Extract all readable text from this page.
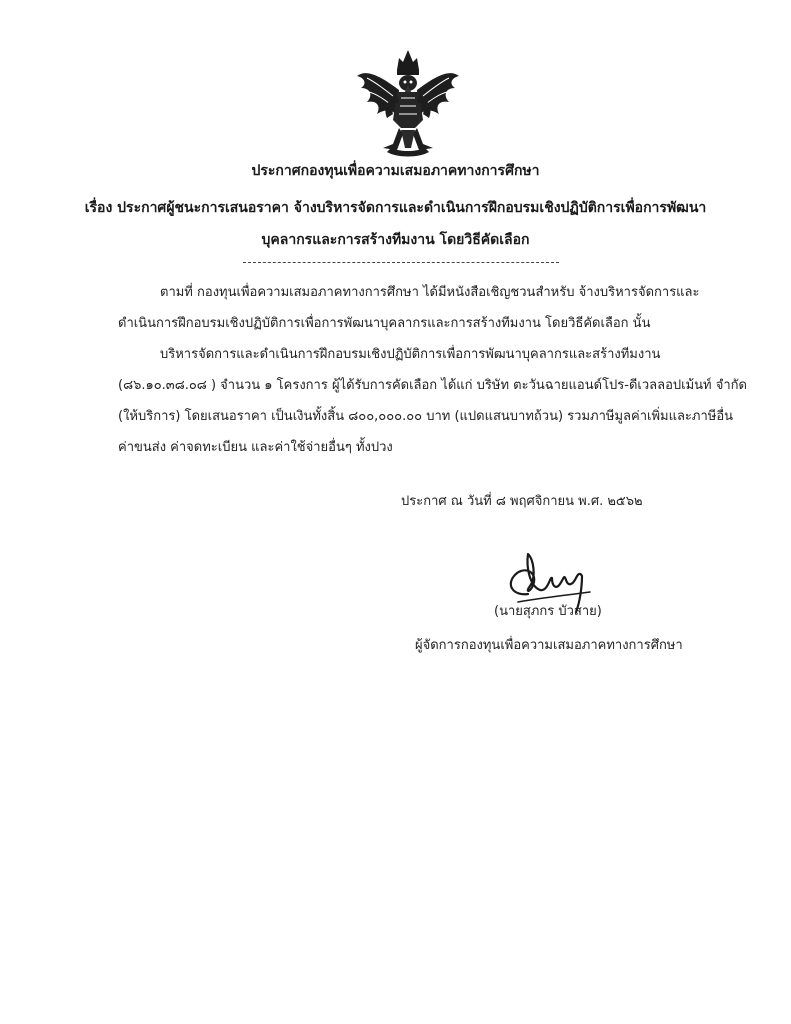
ประกาศกองทุนเพื่อความเสมอภาคทางการศึกษา
เรื่อง ประกาศผู้ชนะการเสนอราคา จ้างบริหารจัดการและดำเนินการฝึกอบรมเชิงปฏิบัติการเพื่อการพัฒนา
บุคลากรและการสร้างทีมงาน โดยวิธีคัดเลือก
ตามที่ กองทุนเพื่อความเสมอภาคทางการศึกษา ได้มีหนังสือเชิญชวนสำหรับ จ้างบริหารจัดการและ
ดำเนินการฝึกอบรมเชิงปฏิบัติการเพื่อการพัฒนาบุคลากรและการสร้างทีมงาน โดยวิธีคัดเลือก นั้น
บริหารจัดการและดำเนินการฝึกอบรมเชิงปฏิบัติการเพื่อการพัฒนาบุคลากรและสร้างทีมงาน
(๘๖.๑๐.๓๘.๐๘ ) จำนวน ๑ โครงการ ผู้ได้รับการคัดเลือก ได้แก่ บริษัท ตะวันฉายแอนด์โปร-ดีเวลลอปเม้นท์ จำกัด
(ให้บริการ) โดยเสนอราคา เป็นเงินทั้งสิ้น ๘๐๐,๐๐๐.๐๐ บาท (แปดแสนบาทถ้วน) รวมภาษีมูลค่าเพิ่มและภาษีอื่น
ค่าขนส่ง ค่าจดทะเบียน และค่าใช้จ่ายอื่นๆ ทั้งปวง
ประกาศ ณ วันที่ ๘ พฤศจิกายน พ.ศ. ๒๕๖๒
(นายสุภกร บัวสาย)
ผู้จัดการกองทุนเพื่อความเสมอภาคทางการศึกษา
